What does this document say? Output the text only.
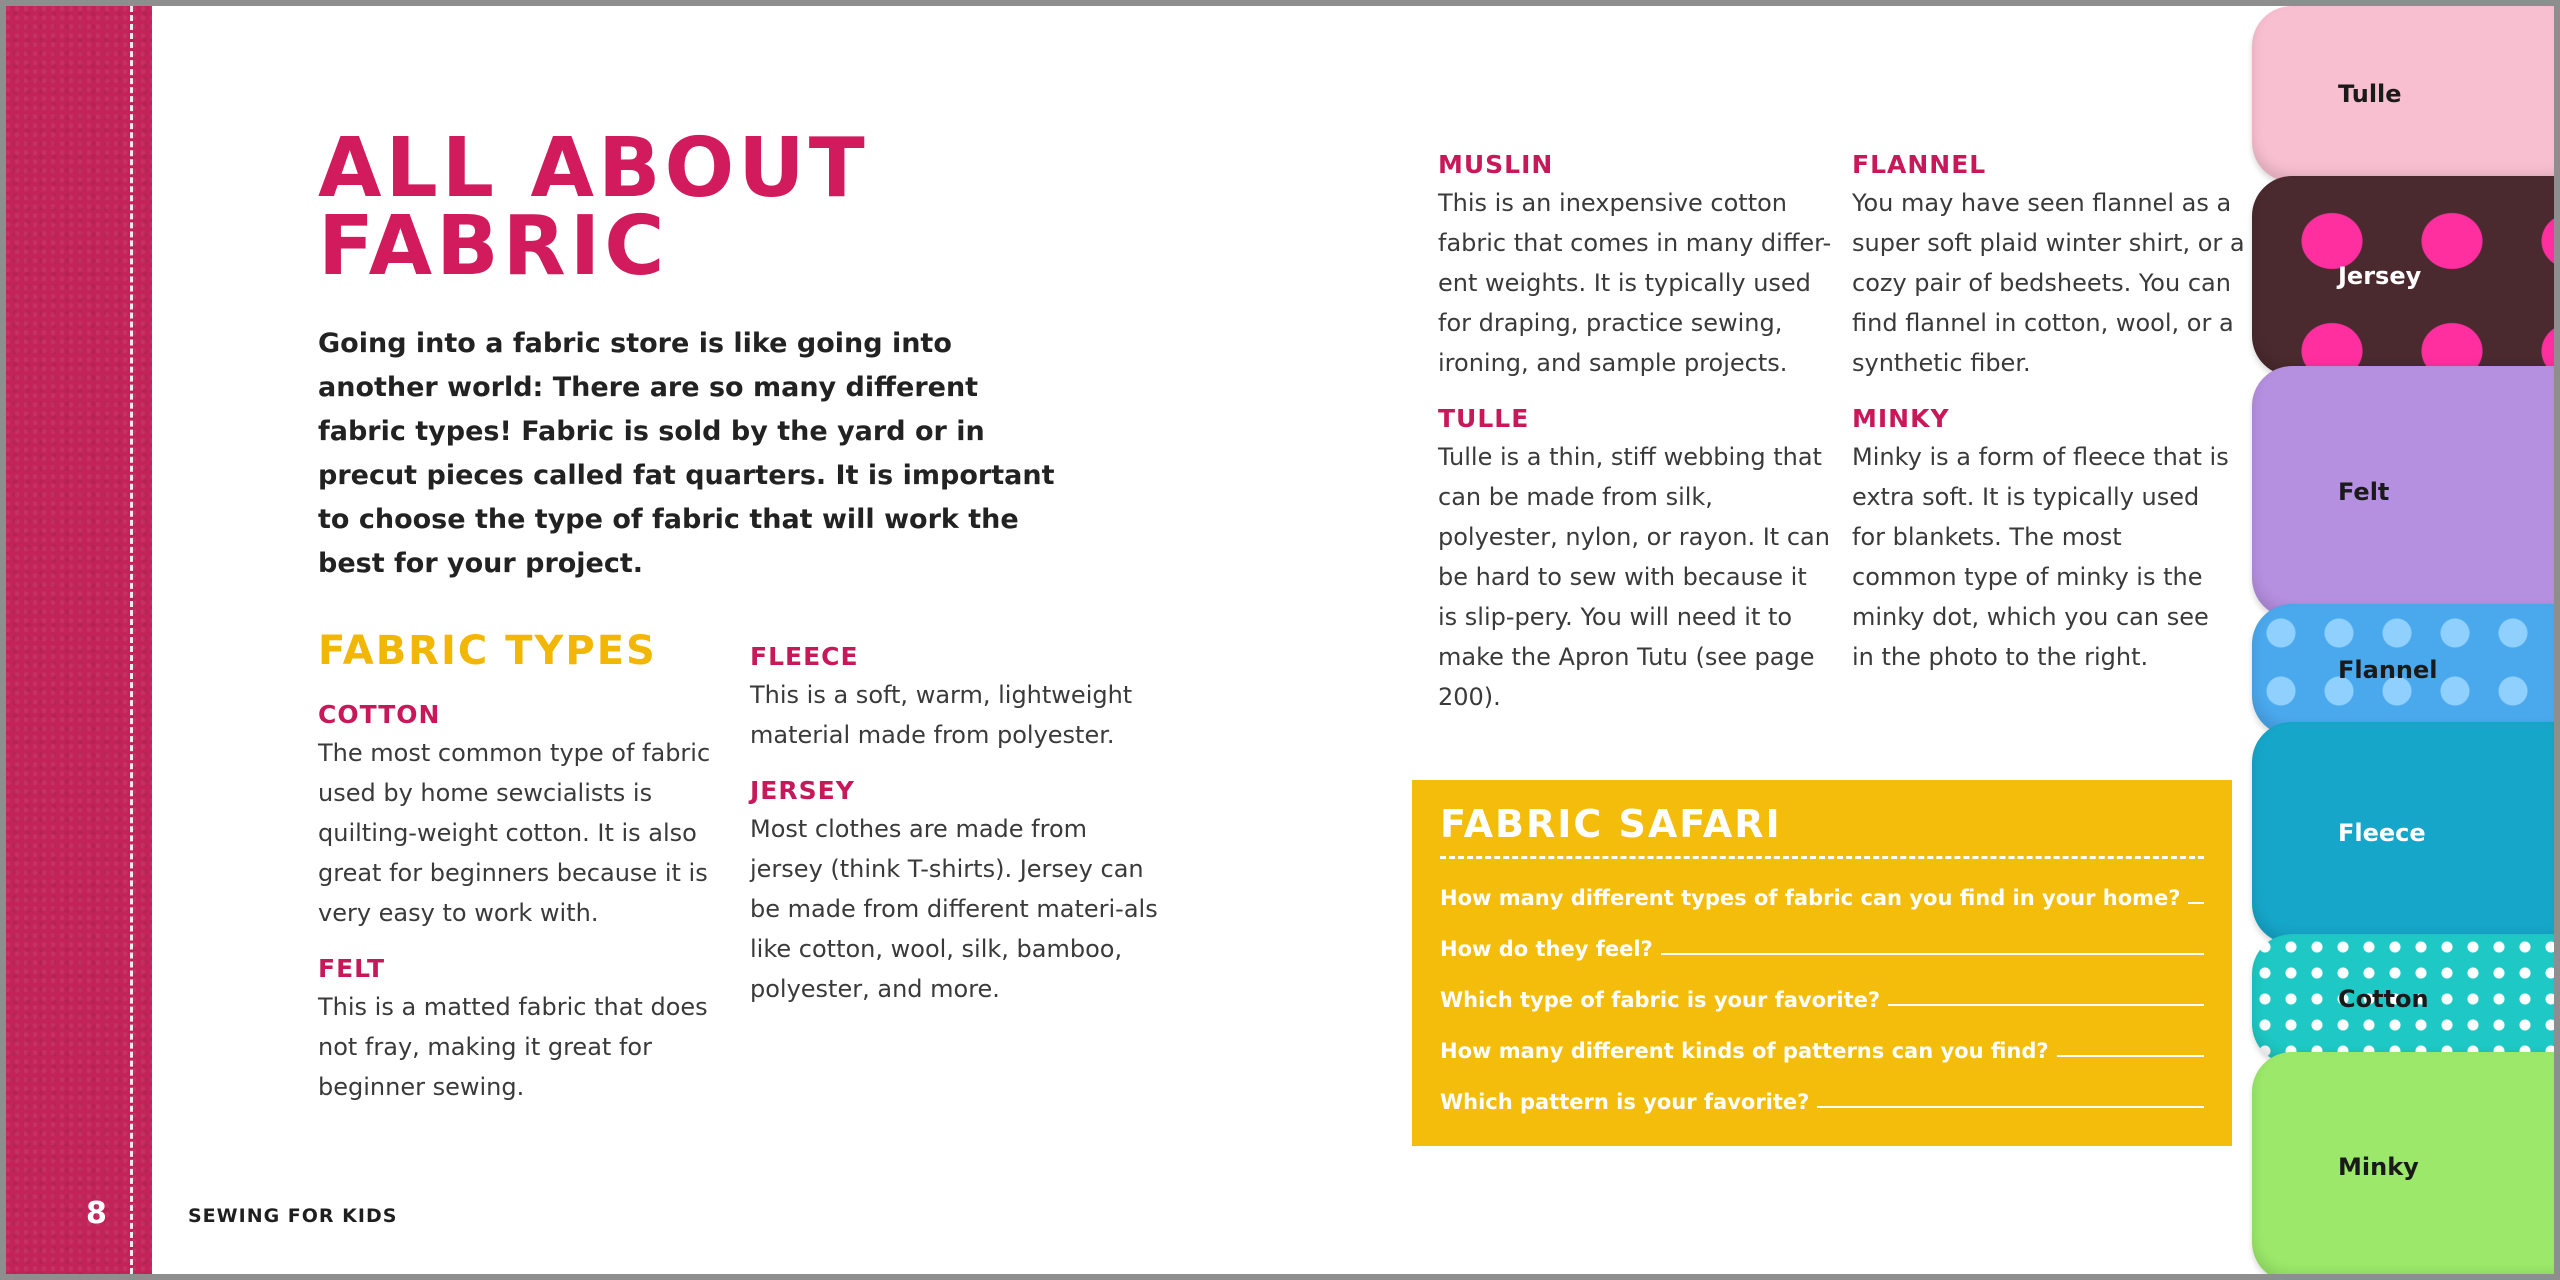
8	SEWING FOR KIDS
ALL ABOUT
FABRIC

Going into a fabric store is like going into another world: There are so many different fabric types! Fabric is sold by the yard or in precut pieces called fat quarters. It is important to choose the type of fabric that will work the best for your project.

FABRIC TYPES
COTTON

The most common type of fabric used by home sewcialists is quilting-weight cotton. It is also great for beginners because it is very easy to work with.

FELT

This is a matted fabric that does not fray, making it great for beginner sewing.

FLEECE

This is a soft, warm, lightweight material made from polyester.

JERSEY

Most clothes are made from jersey (think T-shirts). Jersey can be made from different materi-als like cotton, wool, silk, bamboo, polyester, and more.

MUSLIN

This is an inexpensive cotton fabric that comes in many differ-ent weights. It is typically used for draping, practice sewing, ironing, and sample projects.

TULLE

Tulle is a thin, stiff webbing that can be made from silk, polyester, nylon, or rayon. It can be hard to sew with because it is slip-pery. You will need it to make the Apron Tutu (see page 200).

FLANNEL

You may have seen flannel as a super soft plaid winter shirt, or a cozy pair of bedsheets. You can find flannel in cotton, wool, or a synthetic fiber.

MINKY

Minky is a form of fleece that is extra soft. It is typically used for blankets. The most common type of minky is the minky dot, which you can see in the photo to the right.

FABRIC SAFARI
How many different types of fabric can you find in your home?
How do they feel?
Which type of fabric is your favorite?
How many different kinds of patterns can you find?
Which pattern is your favorite?
Tulle
Jersey
Felt
Flannel
Fleece
Cotton
Minky
